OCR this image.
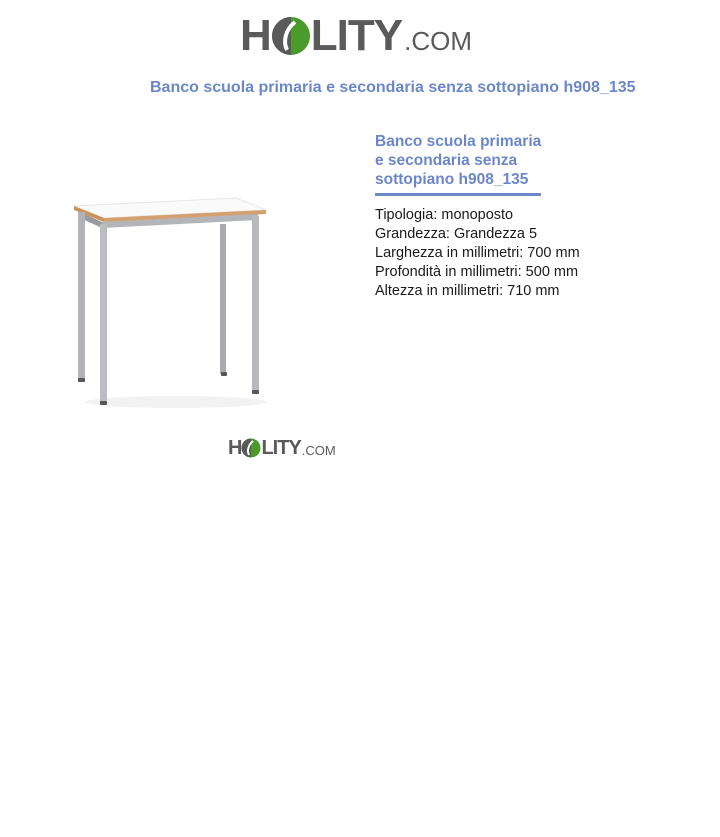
H LITY .COM
Banco scuola primaria e secondaria senza sottopiano h908_135
H LITY .COM
Banco scuola primaria
e secondaria senza
sottopiano h908_135
Tipologia: monoposto
Grandezza: Grandezza 5
Larghezza in millimetri: 700 mm
Profondità in millimetri: 500 mm
Altezza in millimetri: 710 mm
